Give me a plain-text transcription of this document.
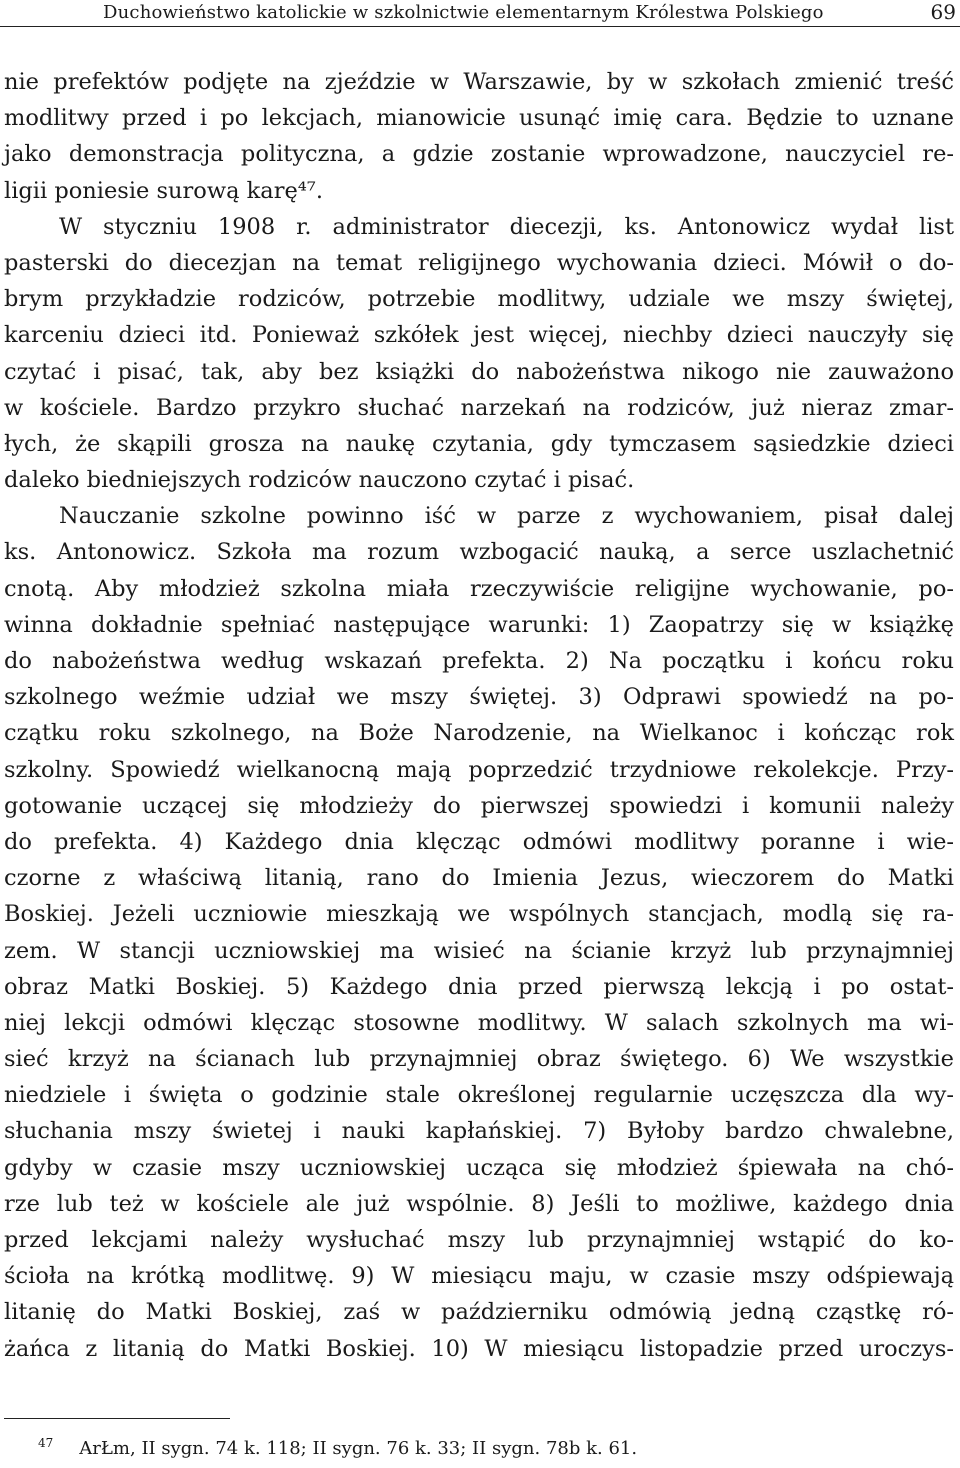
Duchowieństwo katolickie w szkolnictwie elementarnym Królestwa Polskiego	69
nie prefektów podjęte na zjeździe w Warszawie, by w szkołach zmienić treść
modlitwy przed i po lekcjach, mianowicie usunąć imię cara. Będzie to uznane
jako demonstracja polityczna, a gdzie zostanie wprowadzone, nauczyciel re-
ligii poniesie surową karę⁴⁷.
W styczniu 1908 r. administrator diecezji, ks. Antonowicz wydał list
pasterski do diecezjan na temat religijnego wychowania dzieci. Mówił o do-
brym przykładzie rodziców, potrzebie modlitwy, udziale we mszy świętej,
karceniu dzieci itd. Ponieważ szkółek jest więcej, niechby dzieci nauczyły się
czytać i pisać, tak, aby bez książki do nabożeństwa nikogo nie zauważono
w kościele. Bardzo przykro słuchać narzekań na rodziców, już nieraz zmar-
łych, że skąpili grosza na naukę czytania, gdy tymczasem sąsiedzkie dzieci
daleko biedniejszych rodziców nauczono czytać i pisać.
Nauczanie szkolne powinno iść w parze z wychowaniem, pisał dalej
ks. Antonowicz. Szkoła ma rozum wzbogacić nauką, a serce uszlachetnić
cnotą. Aby młodzież szkolna miała rzeczywiście religijne wychowanie, po-
winna dokładnie spełniać następujące warunki: 1) Zaopatrzy się w książkę
do nabożeństwa według wskazań prefekta. 2) Na początku i końcu roku
szkolnego weźmie udział we mszy świętej. 3) Odprawi spowiedź na po-
czątku roku szkolnego, na Boże Narodzenie, na Wielkanoc i kończąc rok
szkolny. Spowiedź wielkanocną mają poprzedzić trzydniowe rekolekcje. Przy-
gotowanie uczącej się młodzieży do pierwszej spowiedzi i komunii należy
do prefekta. 4) Każdego dnia klęcząc odmówi modlitwy poranne i wie-
czorne z właściwą litanią, rano do Imienia Jezus, wieczorem do Matki
Boskiej. Jeżeli uczniowie mieszkają we wspólnych stancjach, modlą się ra-
zem. W stancji uczniowskiej ma wisieć na ścianie krzyż lub przynajmniej
obraz Matki Boskiej. 5) Każdego dnia przed pierwszą lekcją i po ostat-
niej lekcji odmówi klęcząc stosowne modlitwy. W salach szkolnych ma wi-
sieć krzyż na ścianach lub przynajmniej obraz świętego. 6) We wszystkie
niedziele i święta o godzinie stale określonej regularnie uczęszcza dla wy-
słuchania mszy świetej i nauki kapłańskiej. 7) Byłoby bardzo chwalebne,
gdyby w czasie mszy uczniowskiej ucząca się młodzież śpiewała na chó-
rze lub też w kościele ale już wspólnie. 8) Jeśli to możliwe, każdego dnia
przed lekcjami należy wysłuchać mszy lub przynajmniej wstąpić do ko-
ścioła na krótką modlitwę. 9) W miesiącu maju, w czasie mszy odśpiewają
litanię do Matki Boskiej, zaś w październiku odmówią jedną cząstkę ró-
żańca z litanią do Matki Boskiej. 10) W miesiącu listopadzie przed uroczys-
$^{47}$ ArŁm, II sygn. 74 k. 118; II sygn. 76 k. 33; II sygn. 78b k. 61.
